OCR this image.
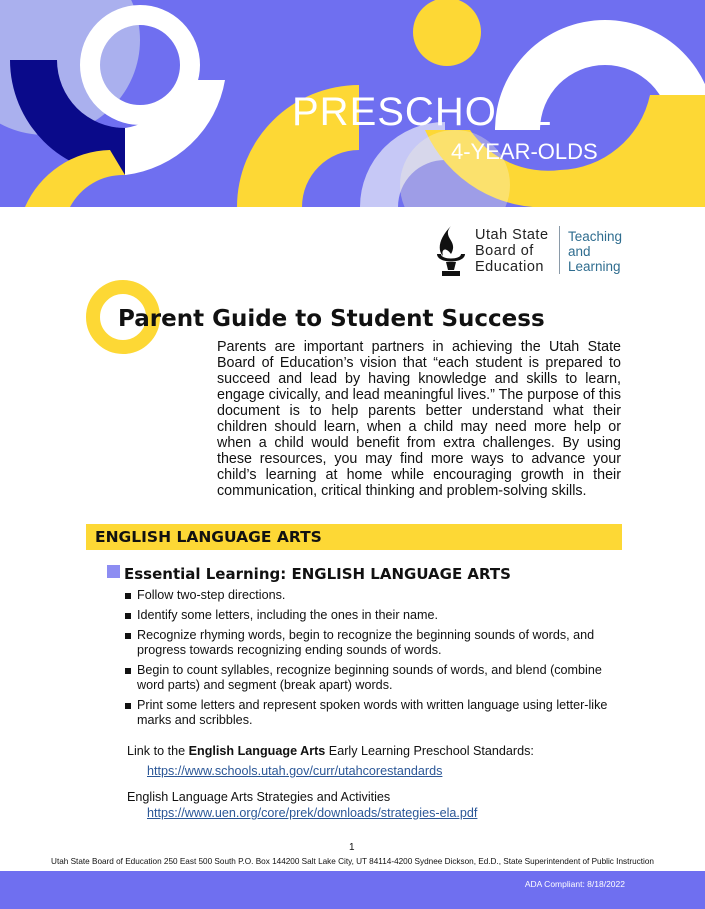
PRESCHOOL
4-YEAR-OLDS
Utah State
Board of
Education
Teaching
and
Learning
Parent Guide to Student Success

Parents are important partners in achieving the Utah State Board of Education’s vision that “each student is prepared to succeed and lead by having knowledge and skills to learn, engage civically, and lead meaningful lives.” The purpose of this document is to help parents better understand what their children should learn, when a child may need more help or when a child would benefit from extra challenges. By using these resources, you may find more ways to advance your child’s learning at home while encouraging growth in their communication, critical thinking and problem-solving skills.

ENGLISH LANGUAGE ARTS
Essential Learning: ENGLISH LANGUAGE ARTS
Follow two-step directions.
Identify some letters, including the ones in their name.
Recognize rhyming words, begin to recognize the beginning sounds of words, and progress towards recognizing ending sounds of words.
Begin to count syllables, recognize beginning sounds of words, and blend (combine word parts) and segment (break apart) words.
Print some letters and represent spoken words with written language using letter-like marks and scribbles.

Link to the English Language Arts Early Learning Preschool Standards:

https://www.schools.utah.gov/curr/utahcorestandards

English Language Arts Strategies and Activities

https://www.uen.org/core/prek/downloads/strategies-ela.pdf
1
Utah State Board of Education 250 East 500 South P.O. Box 144200 Salt Lake City, UT 84114-4200 Sydnee Dickson, Ed.D., State Superintendent of Public Instruction
ADA Compliant: 8/18/2022
